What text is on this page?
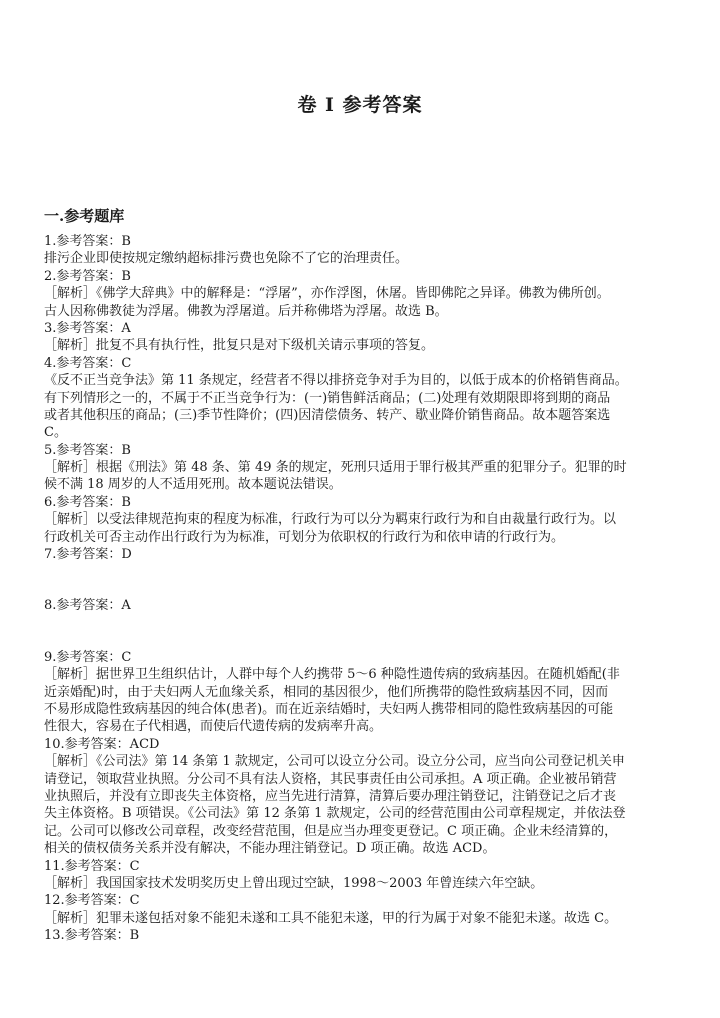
卷 I 参考答案
一.参考题库
1.参考答案：B
排污企业即使按规定缴纳超标排污费也免除不了它的治理责任。
2.参考答案：B
［解析］《佛学大辞典》中的解释是：“浮屠”，亦作浮图，休屠。皆即佛陀之异译。佛教为佛所创。
古人因称佛教徒为浮屠。佛教为浮屠道。后并称佛塔为浮屠。故选 B。
3.参考答案：A
［解析］批复不具有执行性，批复只是对下级机关请示事项的答复。
4.参考答案：C
《反不正当竞争法》第 11 条规定，经营者不得以排挤竞争对手为目的，以低于成本的价格销售商品。
有下列情形之一的，不属于不正当竞争行为：(一)销售鲜活商品；(二)处理有效期限即将到期的商品
或者其他积压的商品；(三)季节性降价；(四)因清偿债务、转产、歇业降价销售商品。故本题答案选
C。
5.参考答案：B
［解析］根据《刑法》第 48 条、第 49 条的规定，死刑只适用于罪行极其严重的犯罪分子。犯罪的时
候不满 18 周岁的人不适用死刑。故本题说法错误。
6.参考答案：B
［解析］以受法律规范拘束的程度为标准，行政行为可以分为羁束行政行为和自由裁量行政行为。以
行政机关可否主动作出行政行为为标准，可划分为依职权的行政行为和依申请的行政行为。
7.参考答案：D
8.参考答案：A
9.参考答案：C
［解析］据世界卫生组织估计，人群中每个人约携带 5～6 种隐性遗传病的致病基因。在随机婚配(非
近亲婚配)时，由于夫妇两人无血缘关系，相同的基因很少，他们所携带的隐性致病基因不同，因而
不易形成隐性致病基因的纯合体(患者)。而在近亲结婚时，夫妇两人携带相同的隐性致病基因的可能
性很大，容易在子代相遇，而使后代遗传病的发病率升高。
10.参考答案：ACD
［解析］《公司法》第 14 条第 1 款规定，公司可以设立分公司。设立分公司，应当向公司登记机关申
请登记，领取营业执照。分公司不具有法人资格，其民事责任由公司承担。A 项正确。企业被吊销营
业执照后，并没有立即丧失主体资格，应当先进行清算，清算后要办理注销登记，注销登记之后才丧
失主体资格。B 项错误。《公司法》第 12 条第 1 款规定，公司的经营范围由公司章程规定，并依法登
记。公司可以修改公司章程，改变经营范围，但是应当办理变更登记。C 项正确。企业未经清算的，
相关的债权债务关系并没有解决，不能办理注销登记。D 项正确。故选 ACD。
11.参考答案：C
［解析］我国国家技术发明奖历史上曾出现过空缺，1998～2003 年曾连续六年空缺。
12.参考答案：C
［解析］犯罪未遂包括对象不能犯未遂和工具不能犯未遂，甲的行为属于对象不能犯未遂。故选 C。
13.参考答案：B
